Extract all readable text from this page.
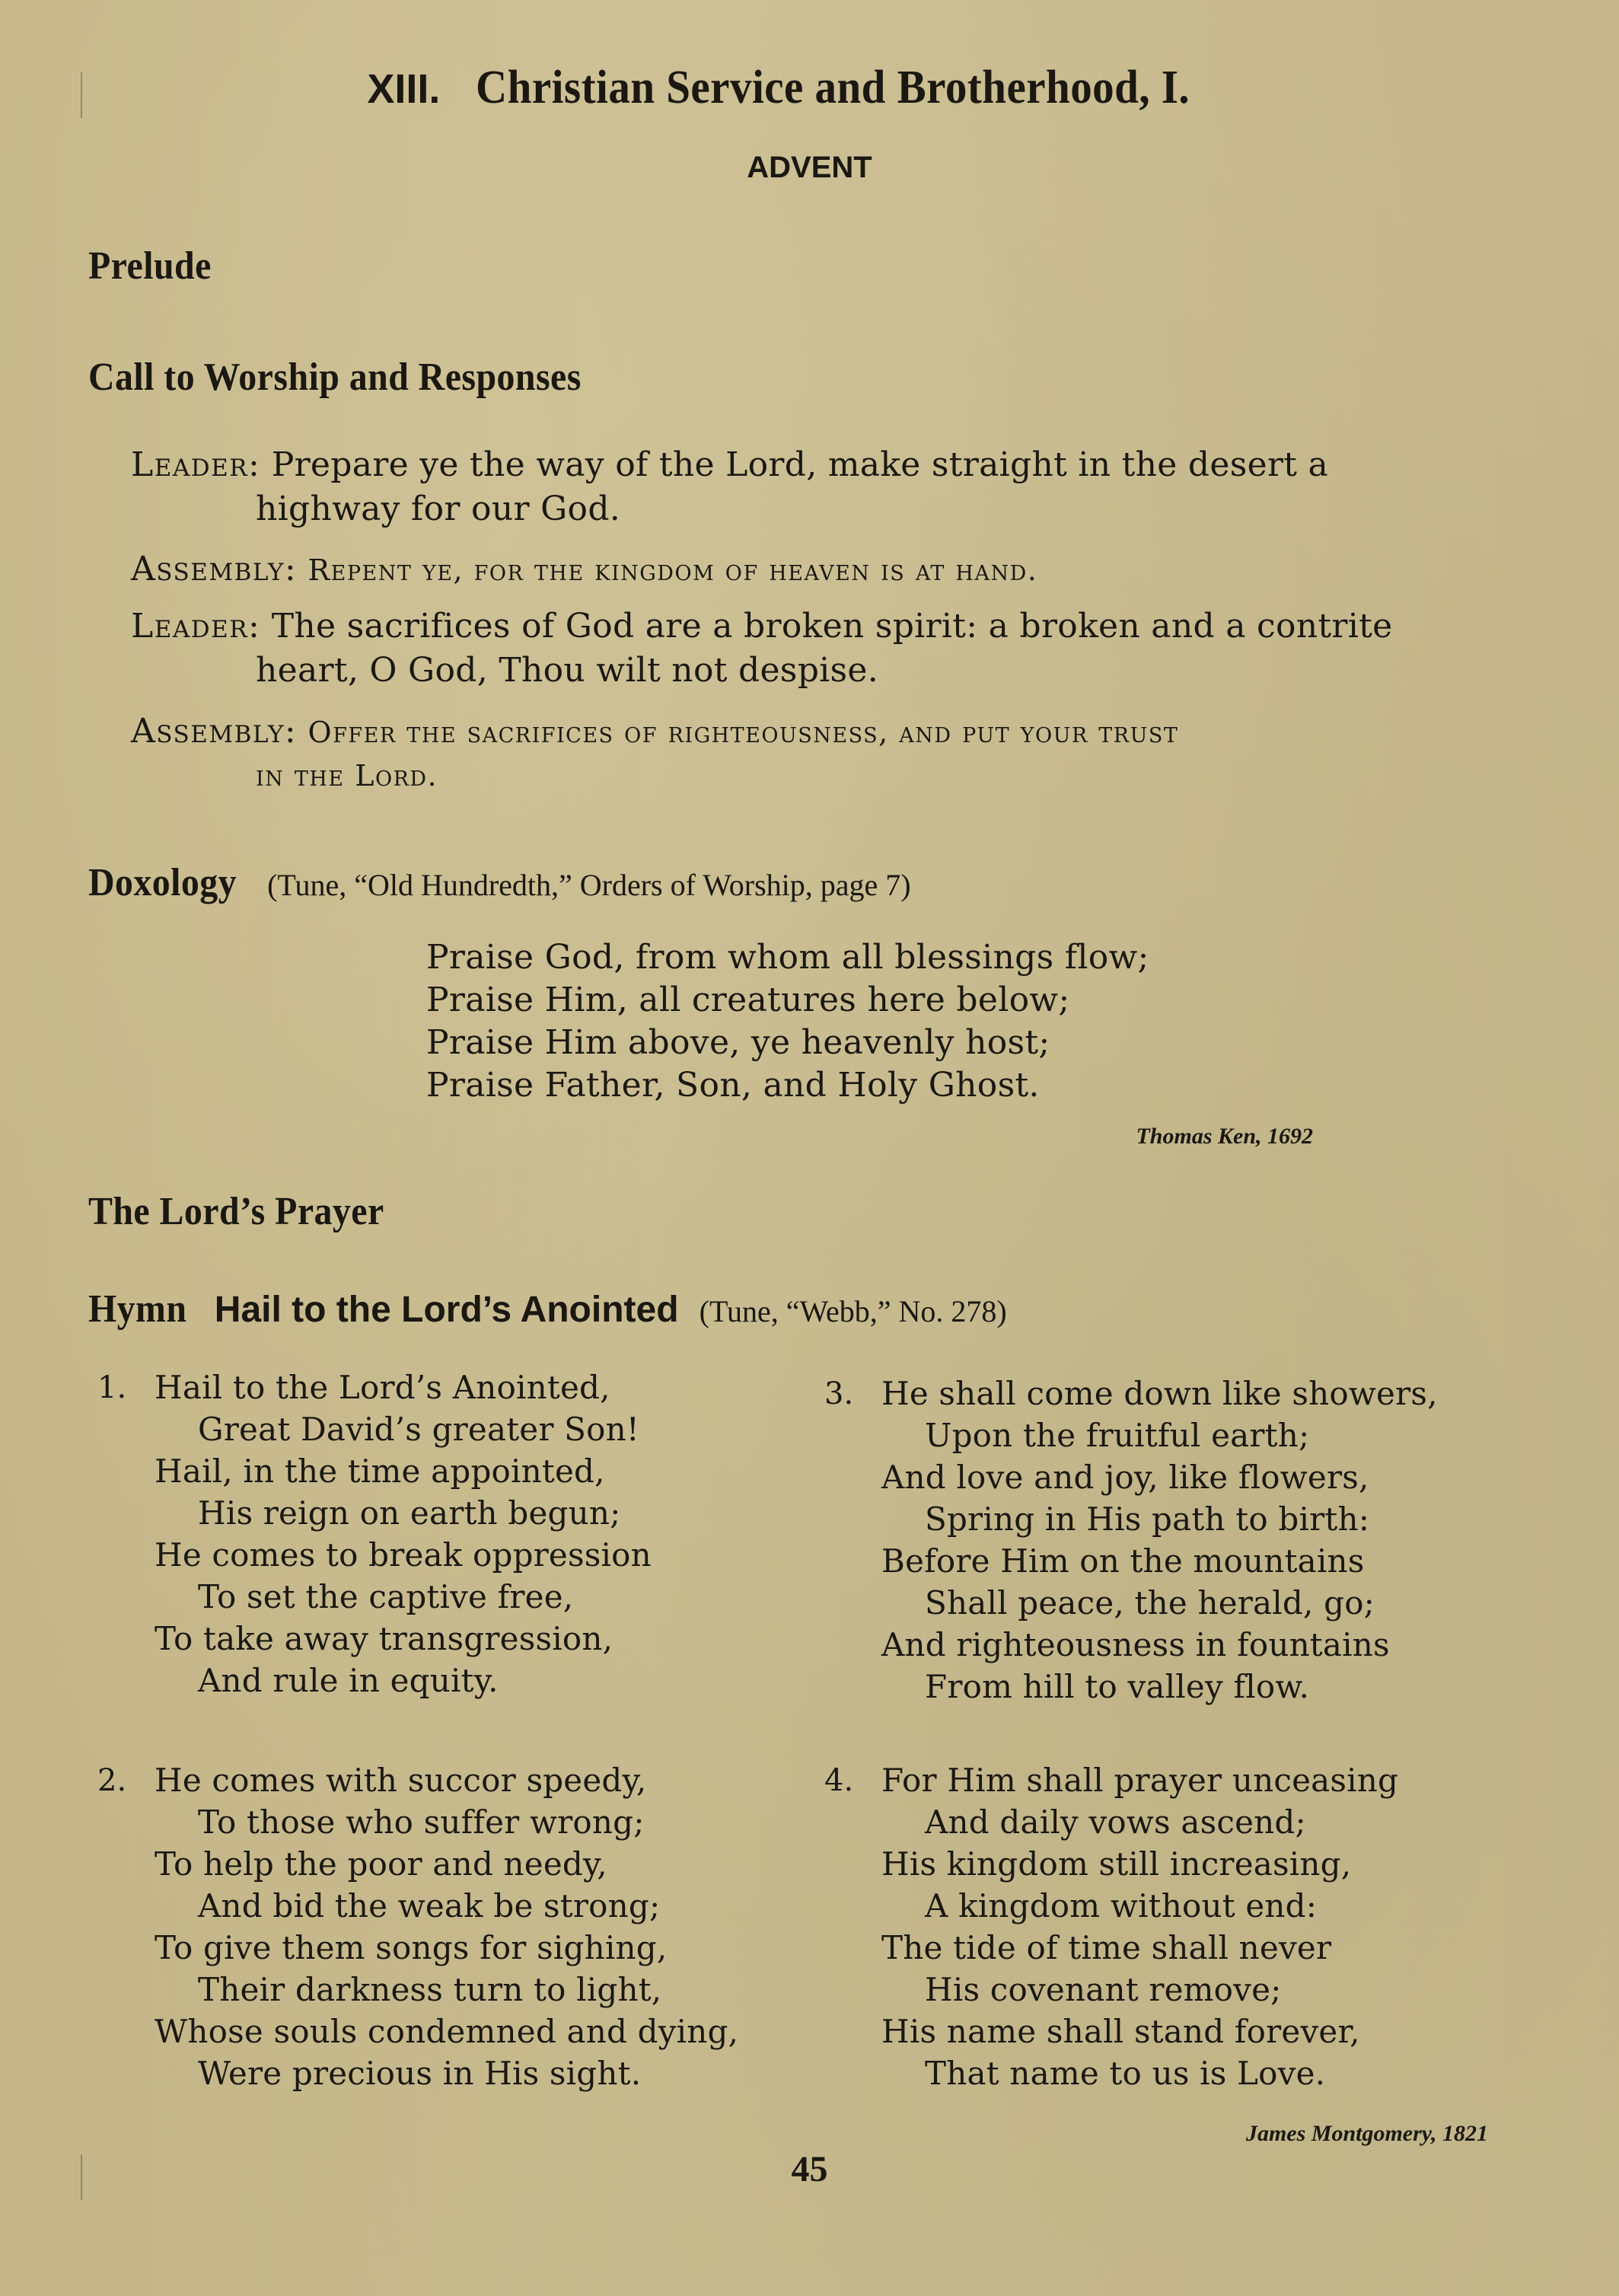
XIII. Christian Service and Brotherhood, I.
ADVENT
Prelude
Call to Worship and Responses
Leader: Prepare ye the way of the Lord, make straight in the desert a
highway for our God.
Assembly: Repent ye, for the kingdom of heaven is at hand.
Leader: The sacrifices of God are a broken spirit: a broken and a contrite
heart, O God, Thou wilt not despise.
Assembly: Offer the sacrifices of righteousness, and put your trust
in the Lord.
Doxology (Tune, “Old Hundredth,” Orders of Worship, page 7)
Praise God, from whom all blessings flow;
Praise Him, all creatures here below;
Praise Him above, ye heavenly host;
Praise Father, Son, and Holy Ghost.
Thomas Ken, 1692
The Lord’s Prayer
Hymn Hail to the Lord’s Anointed (Tune, “Webb,” No. 278)
1. Hail to the Lord’s Anointed,
Great David’s greater Son!
Hail, in the time appointed,
His reign on earth begun;
He comes to break oppression
To set the captive free,
To take away transgression,
And rule in equity.
2. He comes with succor speedy,
To those who suffer wrong;
To help the poor and needy,
And bid the weak be strong;
To give them songs for sighing,
Their darkness turn to light,
Whose souls condemned and dying,
Were precious in His sight.
3. He shall come down like showers,
Upon the fruitful earth;
And love and joy, like flowers,
Spring in His path to birth:
Before Him on the mountains
Shall peace, the herald, go;
And righteousness in fountains
From hill to valley flow.
4. For Him shall prayer unceasing
And daily vows ascend;
His kingdom still increasing,
A kingdom without end:
The tide of time shall never
His covenant remove;
His name shall stand forever,
That name to us is Love.
James Montgomery, 1821
45
